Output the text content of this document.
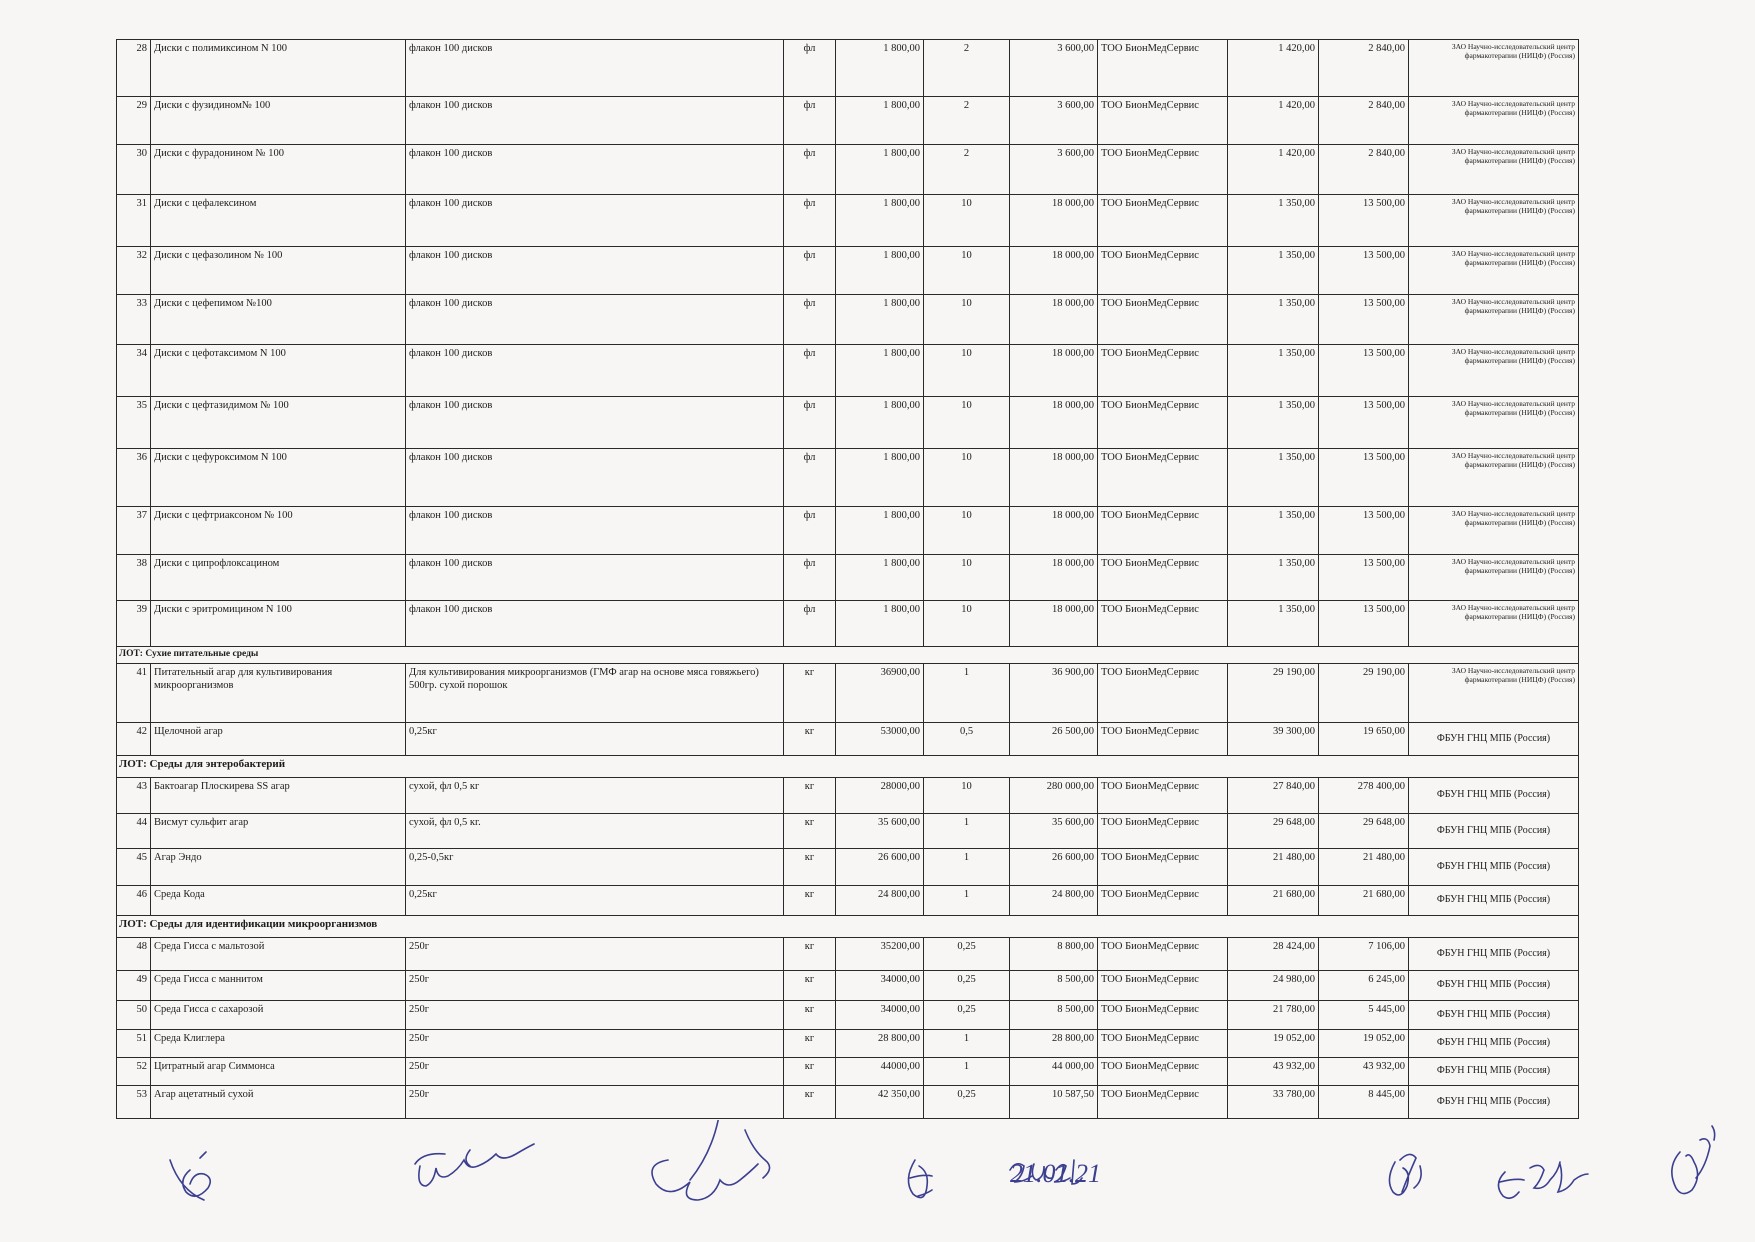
28	Диски с полимиксином N 100	флакон 100 дисков	фл	1 800,00	2	3 600,00	ТОО БионМедСервис	1 420,00	2 840,00	ЗАО Научно-исследовательский центр фармакотерапии (НИЦФ) (Россия)
29	Диски с фузидином№ 100	флакон 100 дисков	фл	1 800,00	2	3 600,00	ТОО БионМедСервис	1 420,00	2 840,00	ЗАО Научно-исследовательский центр фармакотерапии (НИЦФ) (Россия)
30	Диски с фурадонином № 100	флакон 100 дисков	фл	1 800,00	2	3 600,00	ТОО БионМедСервис	1 420,00	2 840,00	ЗАО Научно-исследовательский центр фармакотерапии (НИЦФ) (Россия)
31	Диски с цефалексином	флакон 100 дисков	фл	1 800,00	10	18 000,00	ТОО БионМедСервис	1 350,00	13 500,00	ЗАО Научно-исследовательский центр фармакотерапии (НИЦФ) (Россия)
32	Диски с цефазолином № 100	флакон 100 дисков	фл	1 800,00	10	18 000,00	ТОО БионМедСервис	1 350,00	13 500,00	ЗАО Научно-исследовательский центр фармакотерапии (НИЦФ) (Россия)
33	Диски с цефепимом №100	флакон 100 дисков	фл	1 800,00	10	18 000,00	ТОО БионМедСервис	1 350,00	13 500,00	ЗАО Научно-исследовательский центр фармакотерапии (НИЦФ) (Россия)
34	Диски с цефотаксимом N 100	флакон 100 дисков	фл	1 800,00	10	18 000,00	ТОО БионМедСервис	1 350,00	13 500,00	ЗАО Научно-исследовательский центр фармакотерапии (НИЦФ) (Россия)
35	Диски с цефтазидимом № 100	флакон 100 дисков	фл	1 800,00	10	18 000,00	ТОО БионМедСервис	1 350,00	13 500,00	ЗАО Научно-исследовательский центр фармакотерапии (НИЦФ) (Россия)
36	Диски с цефуроксимом N 100	флакон 100 дисков	фл	1 800,00	10	18 000,00	ТОО БионМедСервис	1 350,00	13 500,00	ЗАО Научно-исследовательский центр фармакотерапии (НИЦФ) (Россия)
37	Диски с цефтриаксоном № 100	флакон 100 дисков	фл	1 800,00	10	18 000,00	ТОО БионМедСервис	1 350,00	13 500,00	ЗАО Научно-исследовательский центр фармакотерапии (НИЦФ) (Россия)
38	Диски с ципрофлоксацином	флакон 100 дисков	фл	1 800,00	10	18 000,00	ТОО БионМедСервис	1 350,00	13 500,00	ЗАО Научно-исследовательский центр фармакотерапии (НИЦФ) (Россия)
39	Диски с эритромицином N 100	флакон 100 дисков	фл	1 800,00	10	18 000,00	ТОО БионМедСервис	1 350,00	13 500,00	ЗАО Научно-исследовательский центр фармакотерапии (НИЦФ) (Россия)
ЛОТ: Сухие питательные среды										
41	Питательный агар для культивирования микроорганизмов	Для культивирования микроорганизмов (ГМФ агар на основе мяса говяжьего) 500гр. сухой порошок	кг	36900,00	1	36 900,00	ТОО БионМедСервис	29 190,00	29 190,00	ЗАО Научно-исследовательский центр фармакотерапии (НИЦФ) (Россия)
42	Щелочной агар	0,25кг	кг	53000,00	0,5	26 500,00	ТОО БионМедСервис	39 300,00	19 650,00	ФБУН ГНЦ МПБ (Россия)
ЛОТ: Среды для энтеробактерий										
43	Бактоагар Плоскирева SS агар	сухой, фл 0,5 кг	кг	28000,00	10	280 000,00	ТОО БионМедСервис	27 840,00	278 400,00	ФБУН ГНЦ МПБ (Россия)
44	Висмут сульфит агар	сухой, фл 0,5 кг.	кг	35 600,00	1	35 600,00	ТОО БионМедСервис	29 648,00	29 648,00	ФБУН ГНЦ МПБ (Россия)
45	Агар Эндо	0,25-0,5кг	кг	26 600,00	1	26 600,00	ТОО БионМедСервис	21 480,00	21 480,00	ФБУН ГНЦ МПБ (Россия)
46	Среда Кода	0,25кг	кг	24 800,00	1	24 800,00	ТОО БионМедСервис	21 680,00	21 680,00	ФБУН ГНЦ МПБ (Россия)
ЛОТ: Среды для идентификации микроорганизмов										
48	Среда Гисса с мальтозой	250г	кг	35200,00	0,25	8 800,00	ТОО БионМедСервис	28 424,00	7 106,00	ФБУН ГНЦ МПБ (Россия)
49	Среда Гисса с маннитом	250г	кг	34000,00	0,25	8 500,00	ТОО БионМедСервис	24 980,00	6 245,00	ФБУН ГНЦ МПБ (Россия)
50	Среда Гисса с сахарозой	250г	кг	34000,00	0,25	8 500,00	ТОО БионМедСервис	21 780,00	5 445,00	ФБУН ГНЦ МПБ (Россия)
51	Среда Клиглера	250г	кг	28 800,00	1	28 800,00	ТОО БионМедСервис	19 052,00	19 052,00	ФБУН ГНЦ МПБ (Россия)
52	Цитратный агар Симмонса	250г	кг	44000,00	1	44 000,00	ТОО БионМедСервис	43 932,00	43 932,00	ФБУН ГНЦ МПБ (Россия)
53	Агар ацетатный сухой	250г	кг	42 350,00	0,25	10 587,50	ТОО БионМедСервис	33 780,00	8 445,00	ФБУН ГНЦ МПБ (Россия)
21.01.21
